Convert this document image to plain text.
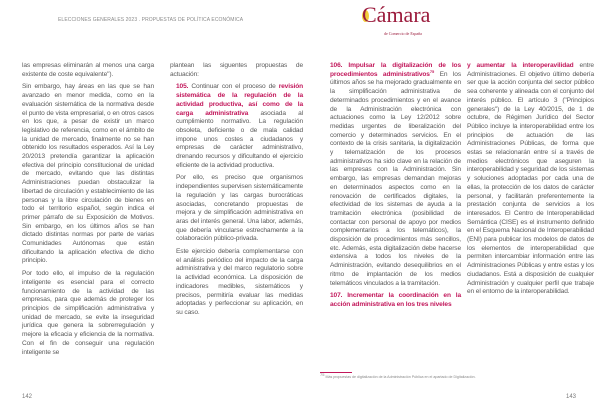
ELECCIONES GENERALES 2023 . PROPUESTAS DE POLÍTICA ECONÓMICA	Cámara
de Comercio de España

las empresas eliminarán al menos una carga existente de coste equivalente").

Sin embargo, hay áreas en las que se han avanzado en menor medida, como en la evaluación sistemática de la normativa desde el punto de vista empresarial, o en otros casos en los que, a pesar de existir un marco legislativo de referencia, como en el ámbito de la unidad de mercado, finalmente no se han obtenido los resultados esperados. Así la Ley 20/2013 pretendía garantizar la aplicación efectiva del principio constitucional de unidad de mercado, evitando que las distintas Administraciones puedan obstaculizar la libertad de circulación y establecimiento de las personas y la libre circulación de bienes en todo el territorio español, según indica el primer párrafo de su Exposición de Motivos. Sin embargo, en los últimos años se han dictado distintas normas por parte de varias Comunidades Autónomas que están dificultando la aplicación efectiva de dicho principio.

Por todo ello, el impulso de la regulación inteligente es esencial para el correcto funcionamiento de la actividad de las empresas, para que además de proteger los principios de simplificación administrativa y unidad de mercado, se evite la inseguridad jurídica que genera la sobrerregulación y mejore la eficacia y eficiencia de la normativa. Con el fin de conseguir una regulación inteligente se

plantean las siguentes propuestas de actuación:

105. Continuar con el proceso de revisión sistemática de la regulación de la actividad productiva, así como de la carga administrativa asociada al cumplimiento normativo. La regulación obsoleta, deficiente o de mala calidad impone unos costes a ciudadanos y empresas de carácter administrativo, drenando recursos y dificultando el ejercicio eficiente de la actividad productiva.

Por ello, es preciso que organismos independientes supervisen sistemáticamente la regulación y las cargas burocráticas asociadas, concretando propuestas de mejora y de simplificación administrativa en aras del interés general. Una labor, además, que debería vincularse estrechamente a la colaboración público-privada.

Este ejercicio debería complementarse con el análisis periódico del impacto de la carga administrativa y del marco regulatorio sobre la actividad económica. La disposición de indicadores medibles, sistemáticos y precisos, permitiría evaluar las medidas adoptadas y perfeccionar su aplicación, en su caso.

106. Impulsar la digitalización de los procedimientos administrativos$^{75}$ En los últimos años se ha mejorado gradualmente en la simplificación administrativa de determinados procedimientos y en el avance de la Administración electrónica con actuaciones como la Ley 12/2012 sobre medidas urgentes de liberalización del comercio y determinados servicios. En el contexto de la crisis sanitaria, la digitalización y telematización de los procesos administrativos ha sido clave en la relación de las empresas con la Administración. Sin embargo, las empresas demandan mejoras en determinados aspectos como en la renovación de certificados digitales, la efectividad de los sistemas de ayuda a la tramitación electrónica (posibilidad de contactar con personal de apoyo por medios complementarios a los telemáticos), la disposición de procedimientos más sencillos, etc. Además, esta digitalización debe hacerse extensiva a todos los niveles de la Administración, evitando desequilibrios en el ritmo de implantación de los medios telemáticos vinculados a la tramitación.

107. Incrementar la coordinación en la acción administrativa en los tres niveles

y aumentar la interoperavilidad entre Administraciones. El objetivo último debería ser que la acción conjunta del sector público sea coherente y alineada con el conjunto del interés público. El artículo 3 ("Principios generales") de la Ley 40/2015, de 1 de octubre, de Régimen Jurídico del Sector Público incluye la interoperabilidad entre los principios de actuación de las Administraciones Públicas, de forma que estas se relacionarán entre sí a través de medios electrónicos que aseguren la interoperabilidad y seguridad de los sistemas y soluciones adoptadas por cada una de ellas, la protección de los datos de carácter personal, y facilitarán preferentemente la prestación conjunta de servicios a los interesados. El Centro de Interoperabilidad Semántica (CISE) es el instrumento definido en el Esquema Nacional de Interoperabilidad (ENI) para publicar los modelos de datos de los elementos de interoperabilidad que permiten intercambiar información entre las Administraciones Públicas y entre estas y los ciudadanos. Está a disposición de cualquier Administración y cualquier perfil que trabaje en el entorno de la interoperabilidad.

$^{75}$ Más propuestas de digitalización de la Administración Pública en el apartado de Digitalización.
142	143
